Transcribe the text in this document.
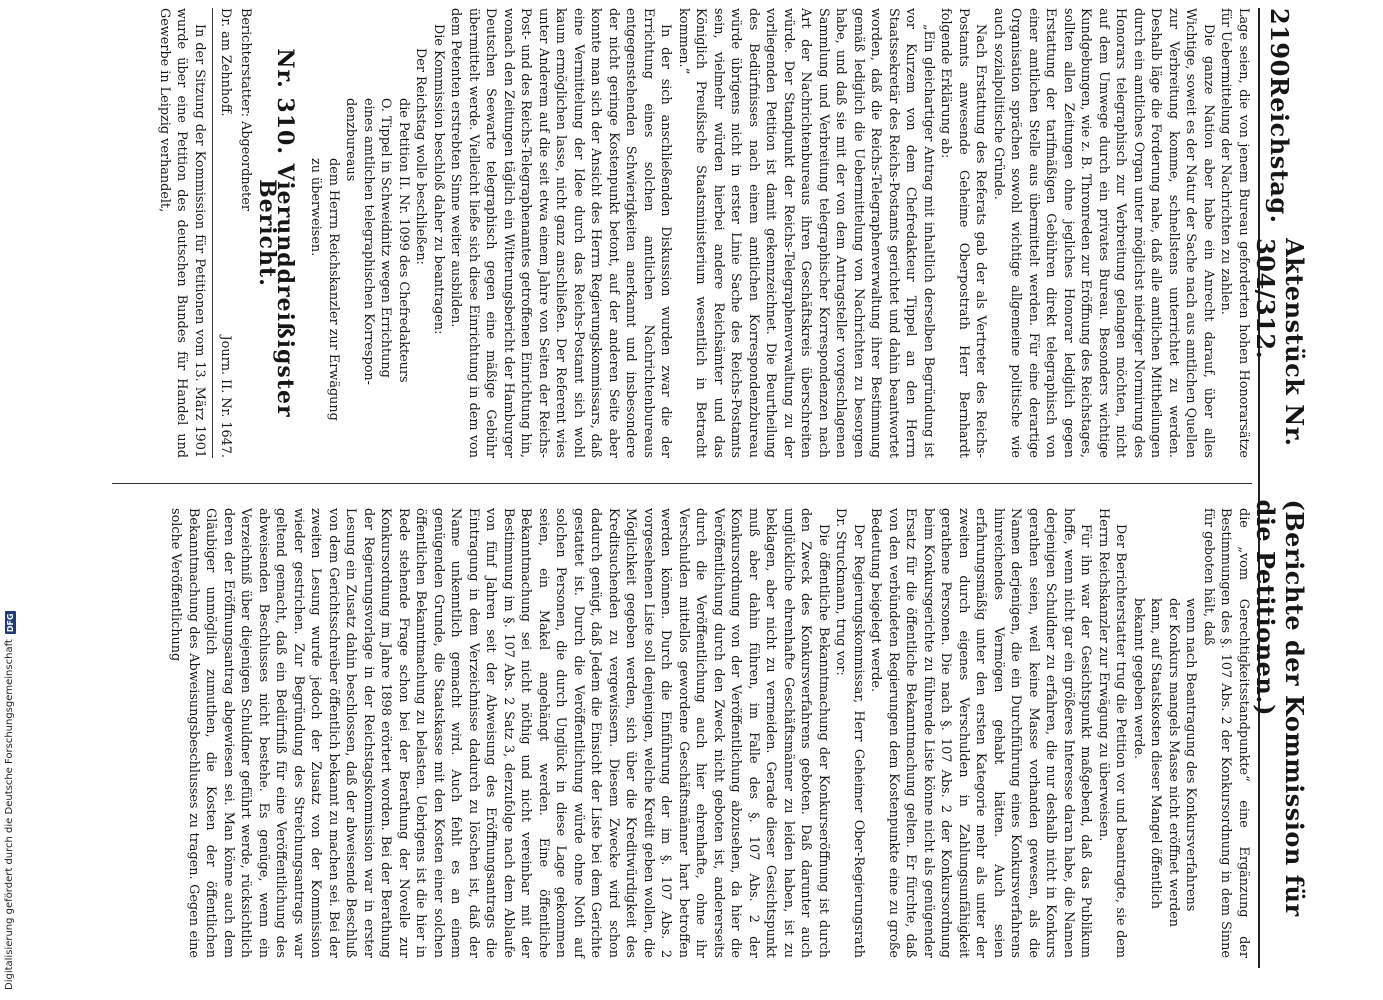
Digitalisierung gefördert durch die Deutsche Forschungsgemeinschaft
DFG
2190
Reichstag.
Aktenstück Nr. 304/312.
(Berichte der Kommission für die Petitionen.)

Lage seien, die von jenem Bureau geforderten hohen Honorarsätze für Uebermittelung der Nachrichten zu zahlen.

Die ganze Nation aber habe ein Anrecht darauf, über alles Wichtige, soweit es der Natur der Sache nach aus amtlichen Quellen zur Verbreitung komme, schnellstens unterrichtet zu werden. Deshalb läge die Forderung nahe, daß alle amtlichen Mittheilungen durch ein amtliches Organ unter möglichst niedriger Normirung des Honorars telegraphisch zur Verbreitung gelangen möchten, nicht auf dem Umwege durch ein privates Bureau. Besonders wichtige Kundgebungen, wie z. B. Thronreden zur Eröffnung des Reichstages, sollten allen Zeitungen ohne jegliches Honorar lediglich gegen Erstattung der tarifmäßigen Gebühren direkt telegraphisch von einer amtlichen Stelle aus übermittelt werden. Für eine derartige Organisation sprächen sowohl wichtige allgemeine politische wie auch sozialpolitische Gründe.

Nach Erstattung des Referats gab der als Vertreter des Reichs-Postamts anwesende Geheime Oberpostrath Herr Bernhardt folgende Erklärung ab:

„Ein gleichartiger Antrag mit inhaltlich derselben Begründung ist vor Kurzem von dem Chefredakteur Tippel an den Herrn Staatssekretär des Reichs-Postamts gerichtet und dahin beantwortet worden, daß die Reichs-Telegraphenverwaltung ihrer Bestimmung gemäß lediglich die Uebermittelung von Nachrichten zu besorgen habe, und daß sie mit der von dem Antragsteller vorgeschlagenen Sammlung und Verbreitung telegraphischer Korrespondenzen nach Art der Nachrichtenbureaus ihren Geschäftskreis überschreiten würde. Der Standpunkt der Reichs-Telegraphenverwaltung zu der vorliegenden Petition ist damit gekennzeichnet. Die Beurtheilung des Bedürfnisses nach einem amtlichen Korrespondenzbureau würde übrigens nicht in erster Linie Sache des Reichs-Postamts sein, vielmehr würden hierbei andere Reichsämter und das Königlich Preußische Staatsministerium wesentlich in Betracht kommen.“

In der sich anschließenden Diskussion wurden zwar die der Errichtung eines solchen amtlichen Nachrichtenbureaus entgegenstehenden Schwierigkeiten anerkannt und insbesondere der nicht geringe Kostenpunkt betont, auf der anderen Seite aber konnte man sich der Ansicht des Herrn Regierungskommissars, daß eine Vermittelung der Idee durch das Reichs-Postamt sich wohl kaum ermöglichen lasse, nicht ganz anschließen. Der Referent wies unter Anderem auf die seit etwa einem Jahre von Seiten der Reichs-Post- und des Reichs-Telegraphenamtes getroffenen Einrichtung hin, wonach den Zeitungen täglich ein Witterungsbericht der Hamburger Deutschen Seewarte telegraphisch gegen eine mäßige Gebühr übermittelt werde. Vielleicht ließe sich diese Einrichtung in dem von dem Petenten erstrebten Sinne weiter ausbilden.

Die Kommission beschloß daher zu beantragen:

Der Reichstag wolle beschließen:

die Petition II. Nr. 1099 des Chefredakteurs

O. Tippel in Schweidnitz wegen Errichtung

eines amtlichen telegraphischen Korrespon-

denzbureaus

dem Herrn Reichskanzler zur Erwägung

zu überweisen.

Nr. 310. Vierunddreißigster Bericht.
Berichterstatter: Abgeordneter
Dr. am Zehnhoff.
Journ. II. Nr. 1647.

In der Sitzung der Kommission für Petitionen vom 13. März 1901 wurde über eine Petition des deutschen Bundes für Handel und Gewerbe in Leipzig verhandelt,

die „vom Gerechtigkeitsstandpunkte“ eine Ergänzung der Bestimmungen des §. 107 Abs. 2 der Konkursordnung in dem Sinne für geboten hält, daß

wenn nach Beantragung des Konkursverfahrens

der Konkurs mangels Masse nicht eröffnet werden

kann, auf Staatskosten dieser Mangel öffentlich

bekannt gegeben werde.

Der Berichterstatter trug die Petition vor und beantragte, sie dem Herrn Reichskanzler zur Erwägung zu überweisen.

Für ihn war der Gesichtspunkt maßgebend, daß das Publikum hoffe, wenn nicht gar ein größeres Interesse daran habe, die Namen derjenigen Schuldner zu erfahren, die nur deshalb nicht in Konkurs gerathen seien, weil keine Masse vorhanden gewesen, als die Namen derjenigen, die ein Durchführung eines Konkursverfahrens hinreichendes Vermögen gehabt hätten. Auch seien erfahrungsmäßig unter den ersten Kategorie mehr als unter der zweiten durch eigenes Verschulden in Zahlungsunfähigkeit gerathene Personen. Die nach §. 107 Abs. 2 der Konkursordnung beim Konkursgerichte zu führende Liste könne nicht als genügender Ersatz für die öffentliche Bekanntmachung gelten. Er fürchte, daß von den verbündeten Regierungen dem Kostenpunkte eine zu große Bedeutung beigelegt werde.

Der Regierungskommissar, Herr Geheimer Ober-Regierungsrath Dr. Struckmann, trug vor:

Die öffentliche Bekanntmachung der Konkurseröffnung ist durch den Zweck des Konkursverfahrens geboten. Daß darunter auch unglückliche ehrenhafte Geschäftsmänner zu leiden haben, ist zu beklagen, aber nicht zu vermeiden. Gerade dieser Gesichtspunkt muß aber dahin führen, im Falle des §. 107 Abs. 2 der Konkursordnung von der Veröffentlichung abzusehen, da hier die Veröffentlichung durch den Zweck nicht geboten ist, andererseits durch die Veröffentlichung auch hier ehrenhafte, ohne ihr Verschulden mittellos gewordene Geschäftsmänner hart betroffen werden können. Durch die Einführung der im §. 107 Abs. 2 vorgesehenen Liste soll denjenigen, welche Kredit geben wollen, die Möglichkeit gegeben werden, sich über die Kreditwürdigkeit des Kreditsuchenden zu vergewissern. Diesem Zwecke wird schon dadurch genügt, daß Jedem die Einsicht der Liste bei dem Gerichte gestattet ist. Durch die Veröffentlichung würde ohne Noth auf solchen Personen, die durch Unglück in diese Lage gekommen seien, ein Makel angehängt werden. Eine öffentliche Bekanntmachung sei nicht nöthig und nicht vereinbar mit der Bestimmung im §. 107 Abs. 2 Satz 3, derzufolge nach dem Ablaufe von fünf Jahren seit der Abweisung des Eröffnungsantrags die Eintragung in dem Verzeichnisse dadurch zu löschen ist, daß der Name unkenntlich gemacht wird. Auch fehlt es an einem genügenden Grunde, die Staatskasse mit den Kosten einer solchen öffentlichen Bekanntmachung zu belasten. Uebrigens ist die hier in Rede stehende Frage schon bei der Berathung der Novelle zur Konkursordnung im Jahre 1898 erörtert worden. Bei der Berathung der Regierungsvorlage in der Reichstagskommission war in erster Lesung ein Zusatz dahin beschlossen, daß der abweisende Beschluß von dem Gerichtsschreiber öffentlich bekannt zu machen sei. Bei der zweiten Lesung wurde jedoch der Zusatz von der Kommission wieder gestrichen. Zur Begründung des Streichungsantrags war geltend gemacht, daß ein Bedürfniß für eine Veröffentlichung des abweisenden Beschlusses nicht bestehe. Es genüge, wenn ein Verzeichniß über diejenigen Schuldner geführt werde, rücksichtlich deren der Eröffnungsantrag abgewiesen sei. Man könne auch dem Gläubiger unmöglich zumuthen, die Kosten der öffentlichen Bekanntmachung des Abweisungsbeschlusses zu tragen. Gegen eine solche Veröffentlichung
